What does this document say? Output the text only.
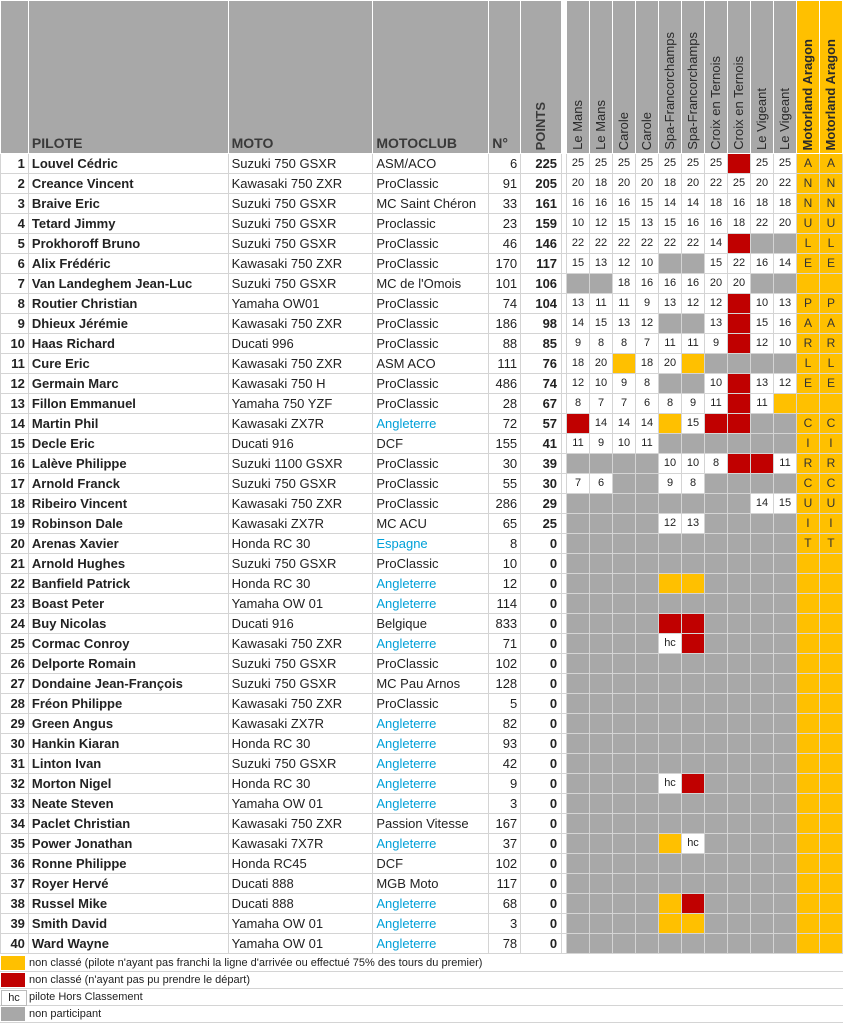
	PILOTE	MOTO	MOTOCLUB	N°	POINTS		Le Mans	Le Mans	Carole	Carole	Spa-Francorchamps	Spa-Francorchamps	Croix en Ternois	Croix en Ternois	Le Vigeant	Le Vigeant	Motorland Aragon	Motorland Aragon

1	Louvel Cédric	Suzuki 750 GSXR	ASM/ACO	6	225		25	25	25	25	25	25	25		25	25	A	A
2	Creance Vincent	Kawasaki 750 ZXR	ProClassic	91	205		20	18	20	20	18	20	22	25	20	22	N	N
3	Braive Eric	Suzuki 750 GSXR	MC Saint Chéron	33	161		16	16	16	15	14	14	18	16	18	18	N	N
4	Tetard Jimmy	Suzuki 750 GSXR	Proclassic	23	159		10	12	15	13	15	16	16	18	22	20	U	U
5	Prokhoroff Bruno	Suzuki 750 GSXR	ProClassic	46	146		22	22	22	22	22	22	14				L	L
6	Alix Frédéric	Kawasaki 750 ZXR	ProClassic	170	117		15	13	12	10			15	22	16	14	E	E
7	Van Landeghem Jean-Luc	Suzuki 750 GSXR	MC de l'Omois	101	106				18	16	16	16	20	20				
8	Routier Christian	Yamaha OW01	ProClassic	74	104		13	11	11	9	13	12	12		10	13	P	P
9	Dhieux Jérémie	Kawasaki 750 ZXR	ProClassic	186	98		14	15	13	12			13		15	16	A	A
10	Haas Richard	Ducati 996	ProClassic	88	85		9	8	8	7	11	11	9		12	10	R	R
11	Cure Eric	Kawasaki 750 ZXR	ASM ACO	111	76		18	20		18	20						L	L
12	Germain Marc	Kawasaki 750 H	ProClassic	486	74		12	10	9	8			10		13	12	E	E
13	Fillon Emmanuel	Yamaha 750 YZF	ProClassic	28	67		8	7	7	6	8	9	11		11			
14	Martin Phil	Kawasaki ZX7R	Angleterre	72	57			14	14	14		15					C	C
15	Decle Eric	Ducati 916	DCF	155	41		11	9	10	11							I	I
16	Lalève Philippe	Suzuki 1100 GSXR	ProClassic	30	39						10	10	8			11	R	R
17	Arnold Franck	Suzuki 750 GSXR	ProClassic	55	30		7	6			9	8					C	C
18	Ribeiro Vincent	Kawasaki 750 ZXR	ProClassic	286	29										14	15	U	U
19	Robinson Dale	Kawasaki ZX7R	MC ACU	65	25						12	13					I	I
20	Arenas Xavier	Honda RC 30	Espagne	8	0												T	T
21	Arnold Hughes	Suzuki 750 GSXR	ProClassic	10	0													
22	Banfield Patrick	Honda RC 30	Angleterre	12	0													
23	Boast Peter	Yamaha OW 01	Angleterre	114	0													
24	Buy Nicolas	Ducati 916	Belgique	833	0													
25	Cormac Conroy	Kawasaki 750 ZXR	Angleterre	71	0						hc							
26	Delporte Romain	Suzuki 750 GSXR	ProClassic	102	0													
27	Dondaine Jean-François	Suzuki 750 GSXR	MC Pau Arnos	128	0													
28	Fréon Philippe	Kawasaki 750 ZXR	ProClassic	5	0													
29	Green Angus	Kawasaki ZX7R	Angleterre	82	0													
30	Hankin Kiaran	Honda RC 30	Angleterre	93	0													
31	Linton Ivan	Suzuki 750 GSXR	Angleterre	42	0													
32	Morton Nigel	Honda RC 30	Angleterre	9	0						hc							
33	Neate Steven	Yamaha OW 01	Angleterre	3	0													
34	Paclet Christian	Kawasaki 750 ZXR	Passion Vitesse	167	0													
35	Power Jonathan	Kawasaki 7X7R	Angleterre	37	0							hc						
36	Ronne Philippe	Honda RC45	DCF	102	0													
37	Royer Hervé	Ducati 888	MGB Moto	117	0													
38	Russel Mike	Ducati 888	Angleterre	68	0													
39	Smith David	Yamaha OW 01	Angleterre	3	0													
40	Ward Wayne	Yamaha OW 01	Angleterre	78	0													
non classé (pilote n'ayant pas franchi la ligne d'arrivée ou effectué 75% des tours du premier)
non classé (n'ayant pas pu prendre le départ)
hc pilote Hors Classement
non participant
